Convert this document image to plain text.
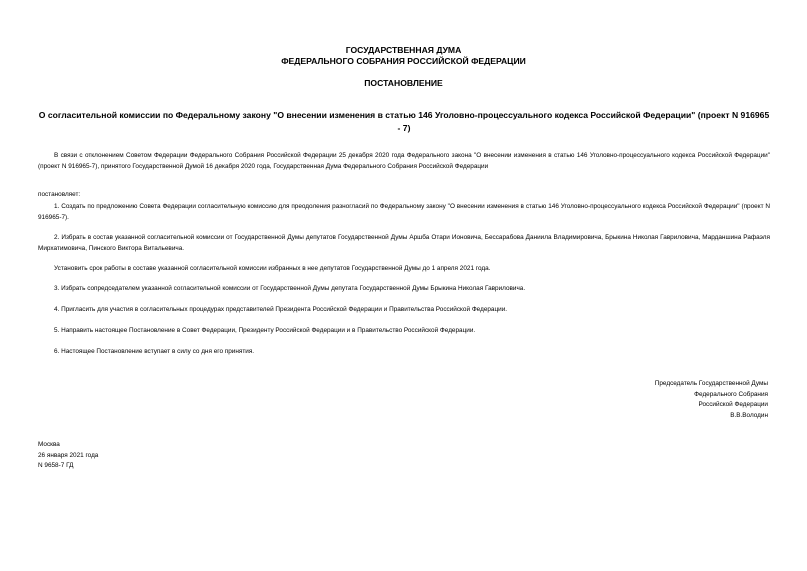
ГОСУДАРСТВЕННАЯ ДУМА
ФЕДЕРАЛЬНОГО СОБРАНИЯ РОССИЙСКОЙ ФЕДЕРАЦИИ
ПОСТАНОВЛЕНИЕ
О согласительной комиссии по Федеральному закону "О внесении изменения в статью 146 Уголовно-процессуального кодекса Российской Федерации" (проект N 916965 - 7)
В связи с отклонением Советом Федерации Федерального Собрания Российской Федерации 25 декабря 2020 года Федерального закона "О внесении изменения в статью 146 Уголовно-процессуального кодекса Российской Федерации" (проект N 916965-7), принятого Государственной Думой 16 декабря 2020 года, Государственная Дума Федерального Собрания Российской Федерации
постановляет:
1. Создать по предложению Совета Федерации согласительную комиссию для преодоления разногласий по Федеральному закону "О внесении изменения в статью 146 Уголовно-процессуального кодекса Российской Федерации" (проект N 916965-7).
2. Избрать в состав указанной согласительной комиссии от Государственной Думы депутатов Государственной Думы Аршба Отари Ионовича, Бессарабова Даниила Владимировича, Брыкина Николая Гавриловича, Марданшина Рафаэля Мирхатимовича, Пинского Виктора Витальевича.
Установить срок работы в составе указанной согласительной комиссии избранных в нее депутатов Государственной Думы до 1 апреля 2021 года.
3. Избрать сопредседателем указанной согласительной комиссии от Государственной Думы депутата Государственной Думы Брыкина Николая Гавриловича.
4. Пригласить для участия в согласительных процедурах представителей Президента Российской Федерации и Правительства Российской Федерации.
5. Направить настоящее Постановление в Совет Федерации, Президенту Российской Федерации и в Правительство Российской Федерации.
6. Настоящее Постановление вступает в силу со дня его принятия.
Председатель Государственной Думы
Федерального Собрания
Российской Федерации
В.В.Володин
Москва
26 января 2021 года
N 9658-7 ГД
